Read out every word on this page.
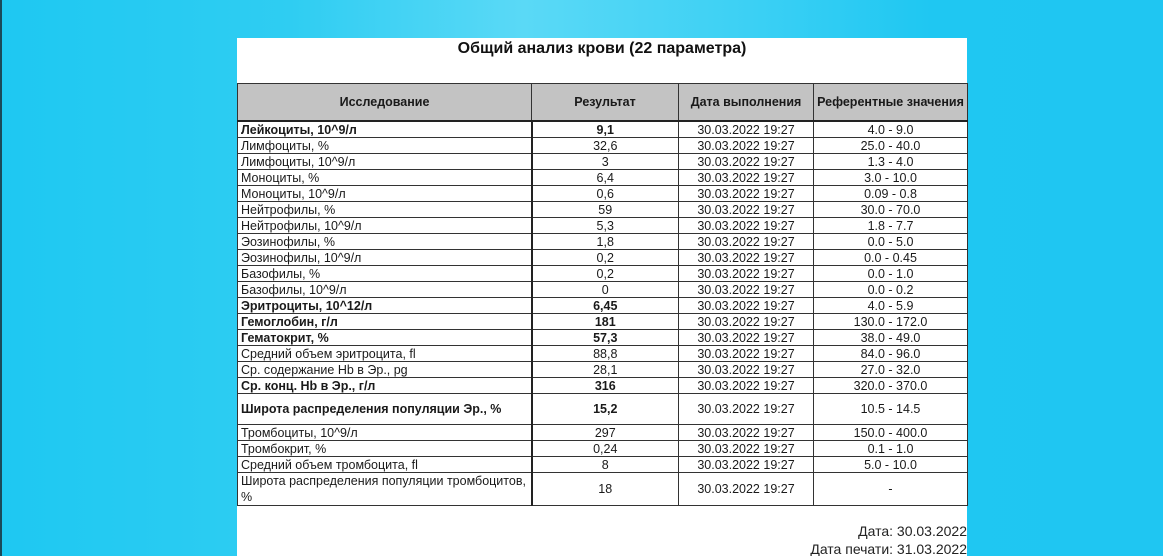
Общий анализ крови (22 параметра)
Исследование	Результат	Дата выполнения	Референтные значения
Лейкоциты, 10^9/л	9,1	30.03.2022 19:27	4.0 - 9.0
Лимфоциты, %	32,6	30.03.2022 19:27	25.0 - 40.0
Лимфоциты, 10^9/л	3	30.03.2022 19:27	1.3 - 4.0
Моноциты, %	6,4	30.03.2022 19:27	3.0 - 10.0
Моноциты, 10^9/л	0,6	30.03.2022 19:27	0.09 - 0.8
Нейтрофилы, %	59	30.03.2022 19:27	30.0 - 70.0
Нейтрофилы, 10^9/л	5,3	30.03.2022 19:27	1.8 - 7.7
Эозинофилы, %	1,8	30.03.2022 19:27	0.0 - 5.0
Эозинофилы, 10^9/л	0,2	30.03.2022 19:27	0.0 - 0.45
Базофилы, %	0,2	30.03.2022 19:27	0.0 - 1.0
Базофилы, 10^9/л	0	30.03.2022 19:27	0.0 - 0.2
Эритроциты, 10^12/л	6,45	30.03.2022 19:27	4.0 - 5.9
Гемоглобин, г/л	181	30.03.2022 19:27	130.0 - 172.0
Гематокрит, %	57,3	30.03.2022 19:27	38.0 - 49.0
Средний объем эритроцита, fl	88,8	30.03.2022 19:27	84.0 - 96.0
Ср. содержание Hb в Эр., pg	28,1	30.03.2022 19:27	27.0 - 32.0
Ср. конц. Hb в Эр., г/л	316	30.03.2022 19:27	320.0 - 370.0
Широта распределения популяции Эр., %	15,2	30.03.2022 19:27	10.5 - 14.5
Тромбоциты, 10^9/л	297	30.03.2022 19:27	150.0 - 400.0
Тромбокрит, %	0,24	30.03.2022 19:27	0.1 - 1.0
Средний объем тромбоцита, fl	8	30.03.2022 19:27	5.0 - 10.0
Широта распределения популяции тромбоцитов, %	18	30.03.2022 19:27	-
Дата: 30.03.2022
Дата печати: 31.03.2022
